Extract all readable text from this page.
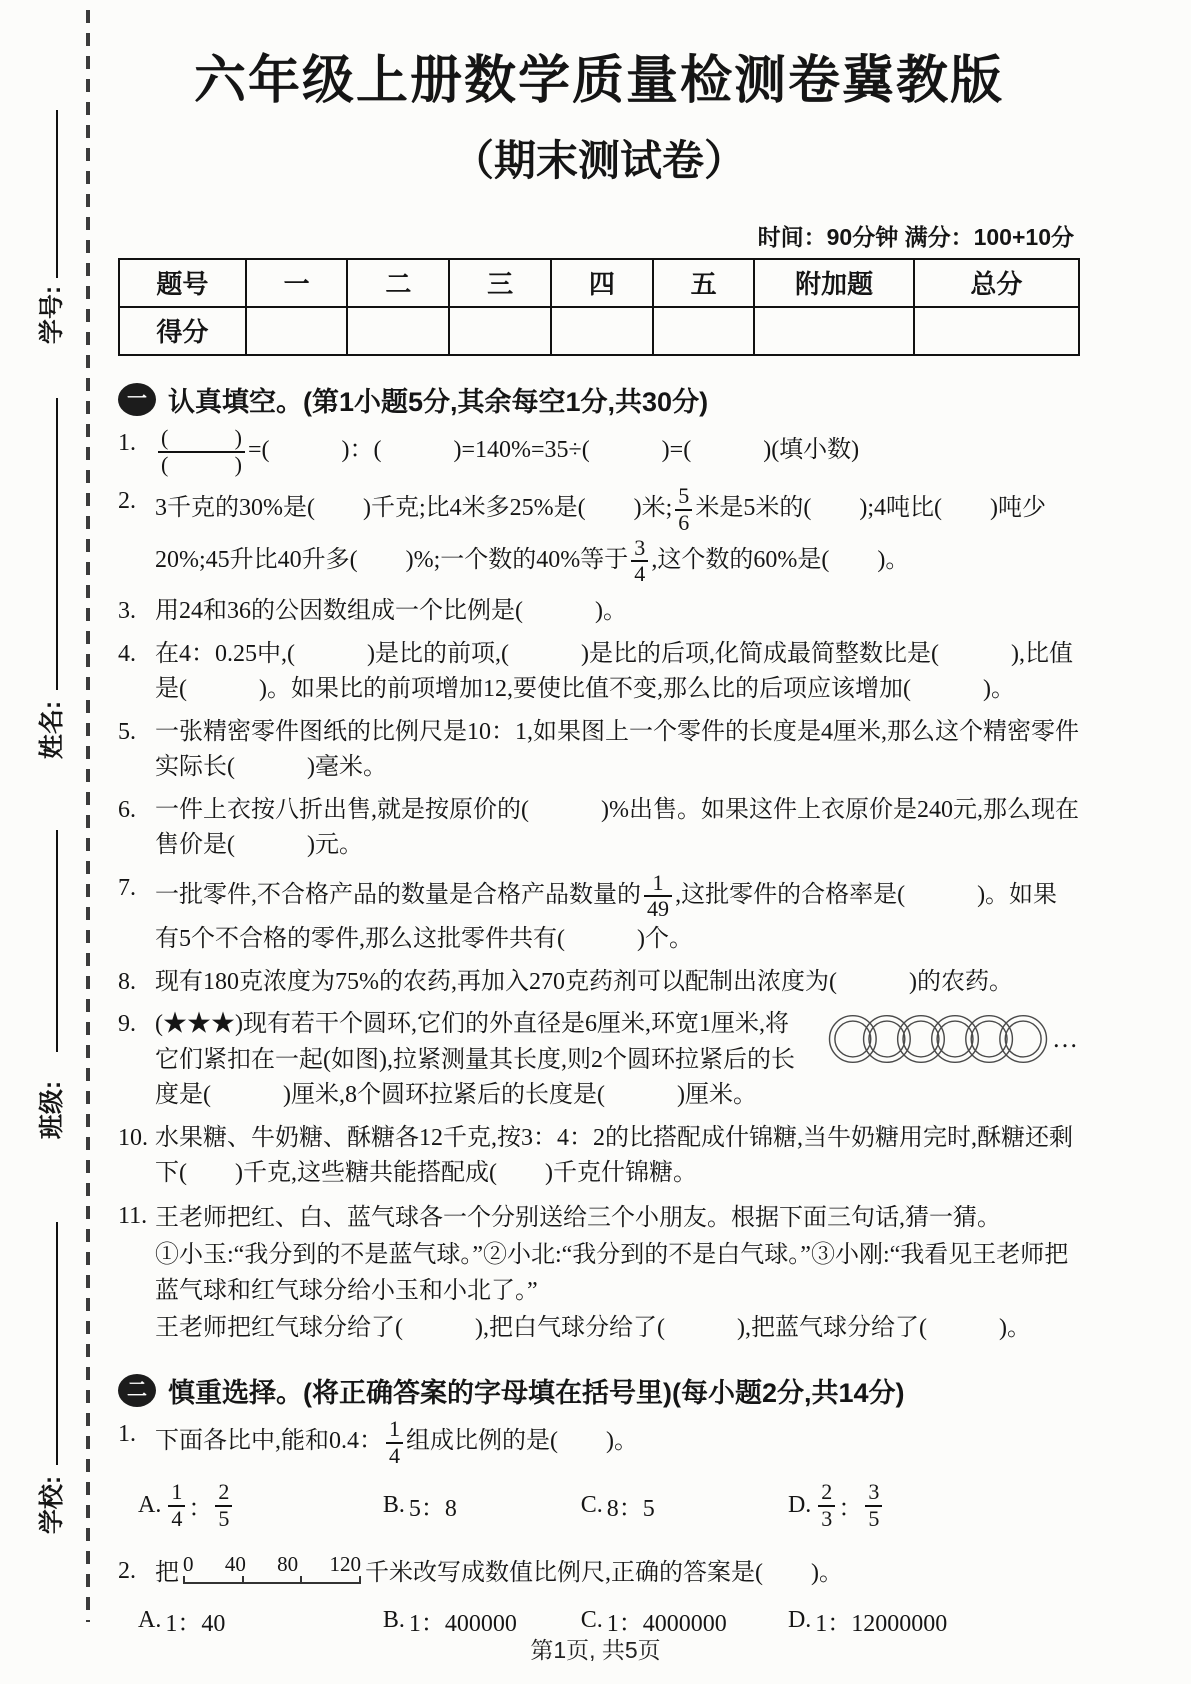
学号:
姓名:
班级:
学校:
六年级上册数学质量检测卷冀教版
（期末测试卷）
时间：90分钟 满分：100+10分
题号	一	二	三	四	五	附加题	总分
得分							
一 认真填空。(第1小题5分,其余每空1分,共30分)
1. $\frac{( )}{( )}$ =(　　　)：(　　　)=140%=35÷(　　　)=(　　　)(填小数)
2. 3千克的30%是(　　)千克;比4米多25%是(　　)米; $\frac{5}{6}$ 米是5米的(　　);4吨比(　　)吨少20%;45升比40升多(　　)%;一个数的40%等于 $\frac{3}{4}$ ,这个数的60%是(　　)。
3. 用24和36的公因数组成一个比例是(　　　)。
4. 在4：0.25中,(　　　)是比的前项,(　　　)是比的后项,化简成最简整数比是(　　　),比值是(　　　)。如果比的前项增加12,要使比值不变,那么比的后项应该增加(　　　)。
5. 一张精密零件图纸的比例尺是10：1,如果图上一个零件的长度是4厘米,那么这个精密零件实际长(　　　)毫米。
6. 一件上衣按八折出售,就是按原价的(　　　)%出售。如果这件上衣原价是240元,那么现在售价是(　　　)元。
7. 一批零件,不合格产品的数量是合格产品数量的 $\frac{1}{49}$ ,这批零件的合格率是(　　　)。如果有5个不合格的零件,那么这批零件共有(　　　)个。
8. 现有180克浓度为75%的农药,再加入270克药剂可以配制出浓度为(　　　)的农药。
9.	…
(★★★)现有若干个圆环,它们的外直径是6厘米,环宽1厘米,将它们紧扣在一起(如图),拉紧测量其长度,则2个圆环拉紧后的长度是(　　　)厘米,8个圆环拉紧后的长度是(　　　)厘米。
10. 水果糖、牛奶糖、酥糖各12千克,按3：4：2的比搭配成什锦糖,当牛奶糖用完时,酥糖还剩下(　　)千克,这些糖共能搭配成(　　)千克什锦糖。
11. 王老师把红、白、蓝气球各一个分别送给三个小朋友。根据下面三句话,猜一猜。
①小玉:“我分到的不是蓝气球。”②小北:“我分到的不是白气球。”③小刚:“我看见王老师把蓝气球和红气球分给小玉和小北了。”
王老师把红气球分给了(　　　),把白气球分给了(　　　),把蓝气球分给了(　　　)。
二 慎重选择。(将正确答案的字母填在括号里)(每小题2分,共14分)
1. 下面各比中,能和0.4： $\frac{1}{4}$ 组成比例的是(　　)。
A. $\frac{1}{4}$ ： $\frac{2}{5}$	B. 5：8	C. 8：5	D. $\frac{2}{3}$ ： $\frac{3}{5}$
2. 把 0 40 80 120 千米改写成数值比例尺,正确的答案是(　　)。
A. 1：40	B. 1：400000	C. 1：4000000	D. 1：12000000
第1页, 共5页
